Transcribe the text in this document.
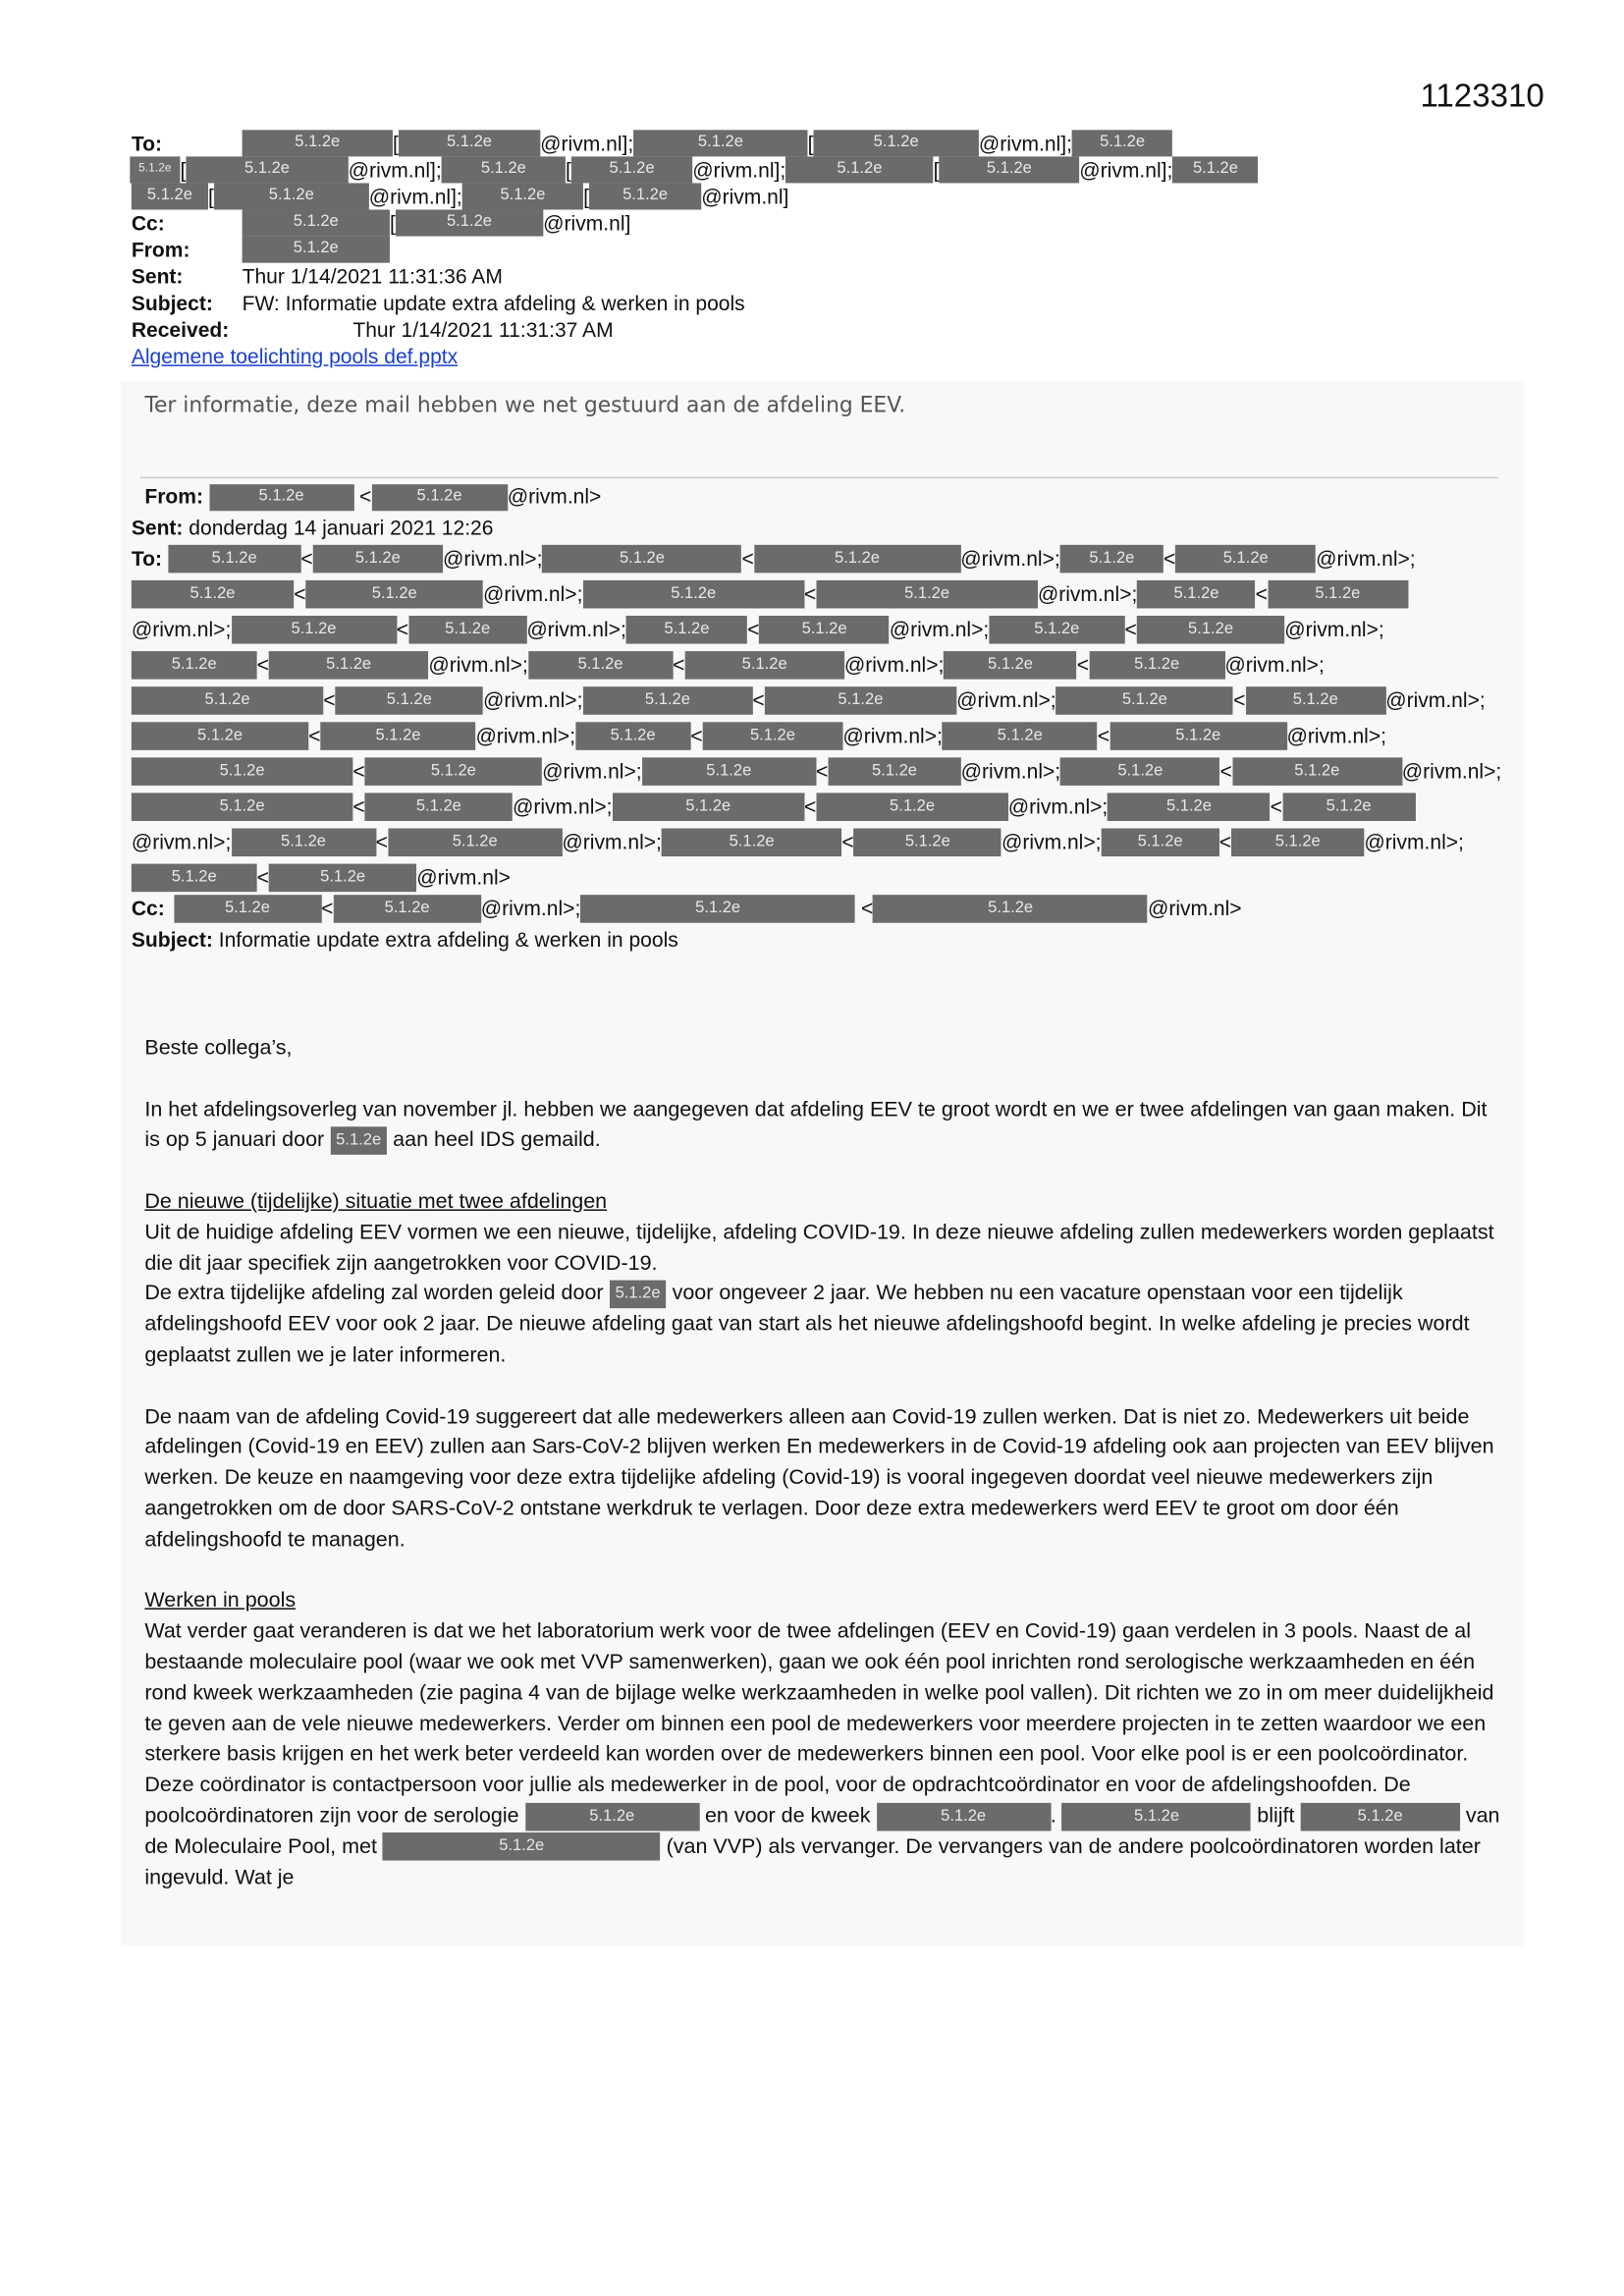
1123310
To:	5.1.2e	[	5.1.2e	@rivm.nl];	5.1.2e	[	5.1.2e	@rivm.nl];	5.1.2e
5.1.2e [	5.1.2e	@rivm.nl];	5.1.2e	[	5.1.2e	@rivm.nl];	5.1.2e	[	5.1.2e	@rivm.nl];	5.1.2e
5.1.2e	[	5.1.2e	@rivm.nl];	5.1.2e	[	5.1.2e	@rivm.nl]
Cc:	5.1.2e	[	5.1.2e	@rivm.nl]
From:	5.1.2e
Sent:	Thur 1/14/2021 11:31:36 AM
Subject:	FW: Informatie update extra afdeling & werken in pools
Received:	Thur 1/14/2021 11:31:37 AM
Algemene toelichting pools def.pptx
Ter informatie, deze mail hebben we net gestuurd aan de afdeling EEV.
From:	5.1.2e	<	5.1.2e	@rivm.nl>
Sent: donderdag 14 januari 2021 12:26
To:	5.1.2e	<	5.1.2e	@rivm.nl>;	5.1.2e	<	5.1.2e	@rivm.nl>;	5.1.2e	<	5.1.2e	@rivm.nl>;
5.1.2e	<	5.1.2e	@rivm.nl>;	5.1.2e	<	5.1.2e	@rivm.nl>;	5.1.2e	<	5.1.2e
@rivm.nl>;	5.1.2e	<	5.1.2e	@rivm.nl>;	5.1.2e	<	5.1.2e	@rivm.nl>;	5.1.2e	<	5.1.2e	@rivm.nl>;
5.1.2e	<	5.1.2e	@rivm.nl>;	5.1.2e	<	5.1.2e	@rivm.nl>;	5.1.2e	<	5.1.2e	@rivm.nl>;
5.1.2e	<	5.1.2e	@rivm.nl>;	5.1.2e	<	5.1.2e	@rivm.nl>;	5.1.2e	<	5.1.2e	@rivm.nl>;
5.1.2e	<	5.1.2e	@rivm.nl>;	5.1.2e	<	5.1.2e	@rivm.nl>;	5.1.2e	<	5.1.2e	@rivm.nl>;
5.1.2e	<	5.1.2e	@rivm.nl>;	5.1.2e	<	5.1.2e	@rivm.nl>;	5.1.2e	<	5.1.2e	@rivm.nl>;
5.1.2e	<	5.1.2e	@rivm.nl>;	5.1.2e	<	5.1.2e	@rivm.nl>;	5.1.2e	<	5.1.2e
@rivm.nl>;	5.1.2e	<	5.1.2e	@rivm.nl>;	5.1.2e	<	5.1.2e	@rivm.nl>;	5.1.2e	<	5.1.2e	@rivm.nl>;
5.1.2e	<	5.1.2e	@rivm.nl>
Cc:	5.1.2e	<	5.1.2e	@rivm.nl>;	5.1.2e	<	5.1.2e	@rivm.nl>
Subject: Informatie update extra afdeling & werken in pools

Beste collega’s,

In het afdelingsoverleg van november jl. hebben we aangegeven dat afdeling EEV te groot wordt en we er twee afdelingen van gaan maken. Dit is op 5 januari door 5.1.2e aan heel IDS gemaild.

De nieuwe (tijdelijke) situatie met twee afdelingen
Uit de huidige afdeling EEV vormen we een nieuwe, tijdelijke, afdeling COVID-19. In deze nieuwe afdeling zullen medewerkers worden geplaatst die dit jaar specifiek zijn aangetrokken voor COVID-19.
De extra tijdelijke afdeling zal worden geleid door 5.1.2e voor ongeveer 2 jaar. We hebben nu een vacature openstaan voor een tijdelijk afdelingshoofd EEV voor ook 2 jaar. De nieuwe afdeling gaat van start als het nieuwe afdelingshoofd begint. In welke afdeling je precies wordt geplaatst zullen we je later informeren.

De naam van de afdeling Covid-19 suggereert dat alle medewerkers alleen aan Covid-19 zullen werken. Dat is niet zo. Medewerkers uit beide afdelingen (Covid-19 en EEV) zullen aan Sars-CoV-2 blijven werken En medewerkers in de Covid-19 afdeling ook aan projecten van EEV blijven werken. De keuze en naamgeving voor deze extra tijdelijke afdeling (Covid-19) is vooral ingegeven doordat veel nieuwe medewerkers zijn aangetrokken om de door SARS-CoV-2 ontstane werkdruk te verlagen. Door deze extra medewerkers werd EEV te groot om door één afdelingshoofd te managen.

Werken in pools
Wat verder gaat veranderen is dat we het laboratorium werk voor de twee afdelingen (EEV en Covid-19) gaan verdelen in 3 pools. Naast de al bestaande moleculaire pool (waar we ook met VVP samenwerken), gaan we ook één pool inrichten rond serologische werkzaamheden en één rond kweek werkzaamheden (zie pagina 4 van de bijlage welke werkzaamheden in welke pool vallen). Dit richten we zo in om meer duidelijkheid te geven aan de vele nieuwe medewerkers. Verder om binnen een pool de medewerkers voor meerdere projecten in te zetten waardoor we een sterkere basis krijgen en het werk beter verdeeld kan worden over de medewerkers binnen een pool. Voor elke pool is er een poolcoördinator. Deze coördinator is contactpersoon voor jullie als medewerker in de pool, voor de opdrachtcoördinator en voor de afdelingshoofden. De poolcoördinatoren zijn voor de serologie	5.1.2e	en voor de kweek	5.1.2e	.	5.1.2e	blijft	5.1.2e	van de Moleculaire Pool, met	5.1.2e	(van VVP) als vervanger. De vervangers van de andere poolcoördinatoren worden later ingevuld. Wat je
